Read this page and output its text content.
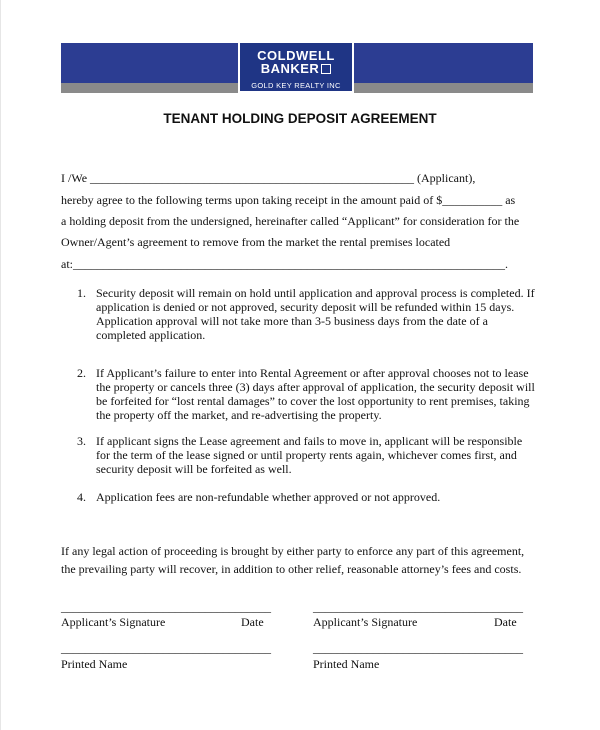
COLDWELL
BANKER
GOLD KEY REALTY INC
TENANT HOLDING DEPOSIT AGREEMENT
I /We ______________________________________________________ (Applicant),
hereby agree to the following terms upon taking receipt in the amount paid of $__________ as
a holding deposit from the undersigned, hereinafter called “Applicant” for consideration for the
Owner/Agent’s agreement to remove from the market the rental premises located
at:________________________________________________________________________.
1. Security deposit will remain on hold until application and approval process is completed. If application is denied or not approved, security deposit will be refunded within 15 days. Application approval will not take more than 3-5 business days from the date of a completed application.
2. If Applicant’s failure to enter into Rental Agreement or after approval chooses not to lease the property or cancels three (3) days after approval of application, the security deposit will be forfeited for “lost rental damages” to cover the lost opportunity to rent premises, taking the property off the market, and re-advertising the property.
3. If applicant signs the Lease agreement and fails to move in, applicant will be responsible for the term of the lease signed or until property rents again, whichever comes first, and security deposit will be forfeited as well.
4. Application fees are non-refundable whether approved or not approved.
If any legal action of proceeding is brought by either party to enforce any part of this agreement,
the prevailing party will recover, in addition to other relief, reasonable attorney’s fees and costs.
___________________________________	___________________________________
Applicant’s Signature	Date	Applicant’s Signature	Date
___________________________________	___________________________________
Printed Name	Printed Name
